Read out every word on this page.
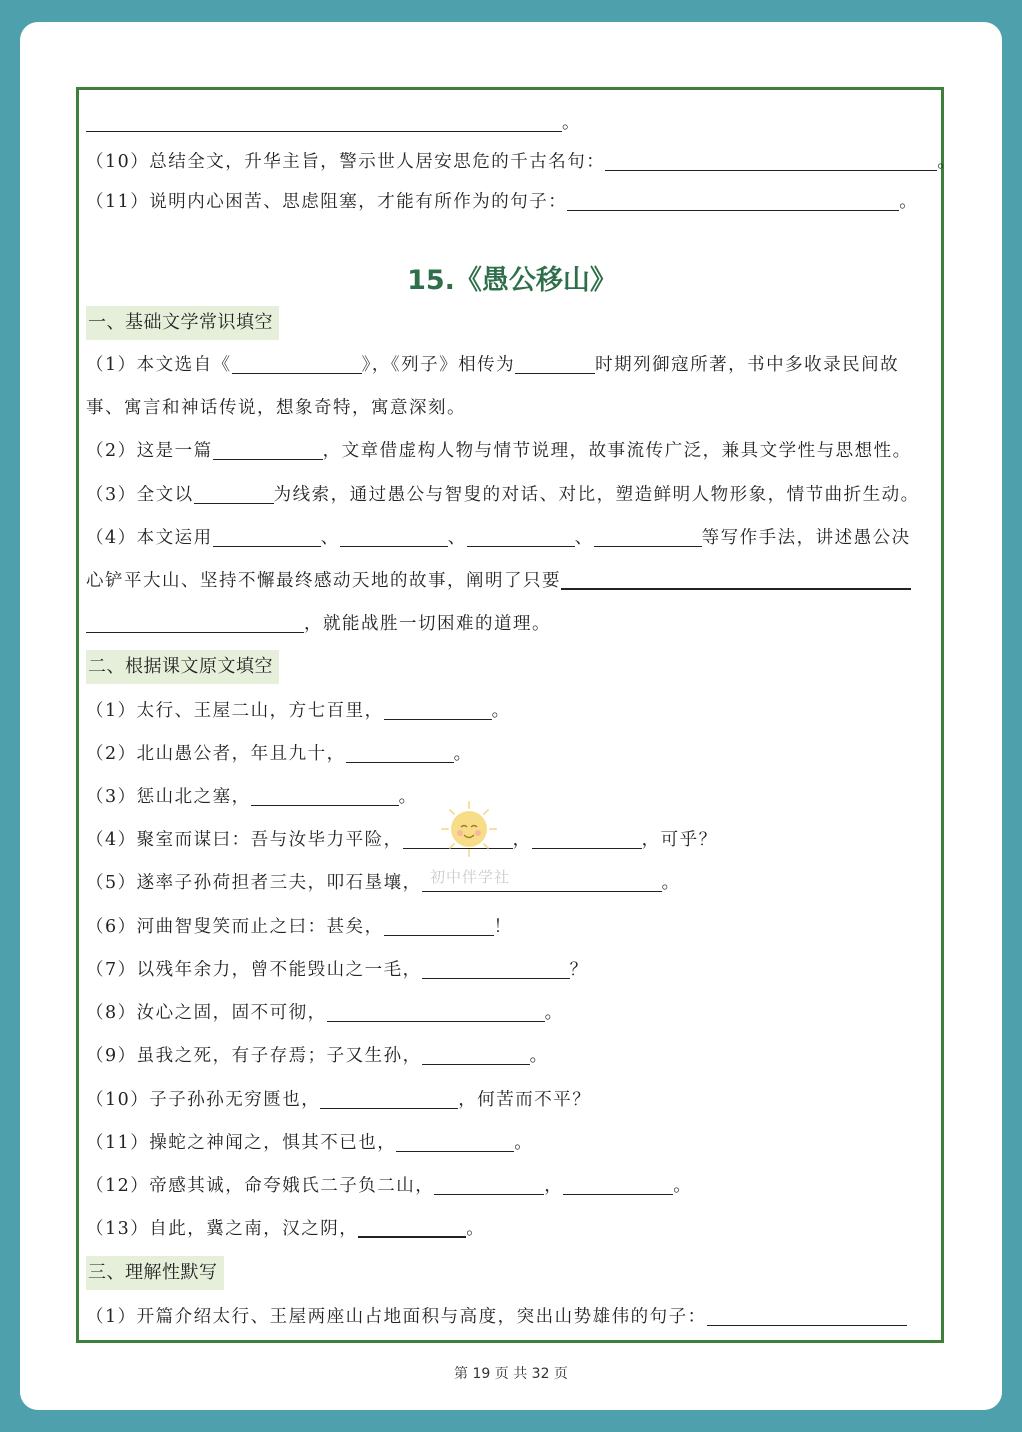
。
（10）总结全文，升华主旨，警示世人居安思危的千古名句：	。
（11）说明内心困苦、思虑阻塞，才能有所作为的句子：	。
15.《愚公移山》
一、基础文学常识填空
（1）本文选自《	》，《列子》相传为	时期列御寇所著，书中多收录民间故
事、寓言和神话传说，想象奇特，寓意深刻。
（2）这是一篇	，文章借虚构人物与情节说理，故事流传广泛，兼具文学性与思想性。
（3）全文以	为线索，通过愚公与智叟的对话、对比，塑造鲜明人物形象，情节曲折生动。
（4）本文运用	、	、	、	等写作手法，讲述愚公决
心铲平大山、坚持不懈最终感动天地的故事，阐明了只要
，就能战胜一切困难的道理。
二、根据课文原文填空
（1）太行、王屋二山，方七百里，	。
（2）北山愚公者，年且九十，	。
（3）惩山北之塞，	。
（4）聚室而谋曰：吾与汝毕力平险，	，	，可乎？
（5）遂率子孙荷担者三夫，叩石垦壤，	。
（6）河曲智叟笑而止之曰：甚矣，	！
（7）以残年余力，曾不能毁山之一毛，	？
（8）汝心之固，固不可彻，	。
（9）虽我之死，有子存焉；子又生孙，	。
（10）子子孙孙无穷匮也，	，何苦而不平？
（11）操蛇之神闻之，惧其不已也，	。
（12）帝感其诚，命夸娥氏二子负二山，	，	。
（13）自此，冀之南，汉之阴，	。
三、理解性默写
（1）开篇介绍太行、王屋两座山占地面积与高度，突出山势雄伟的句子：
初中伴学社
第 19 页 共 32 页
